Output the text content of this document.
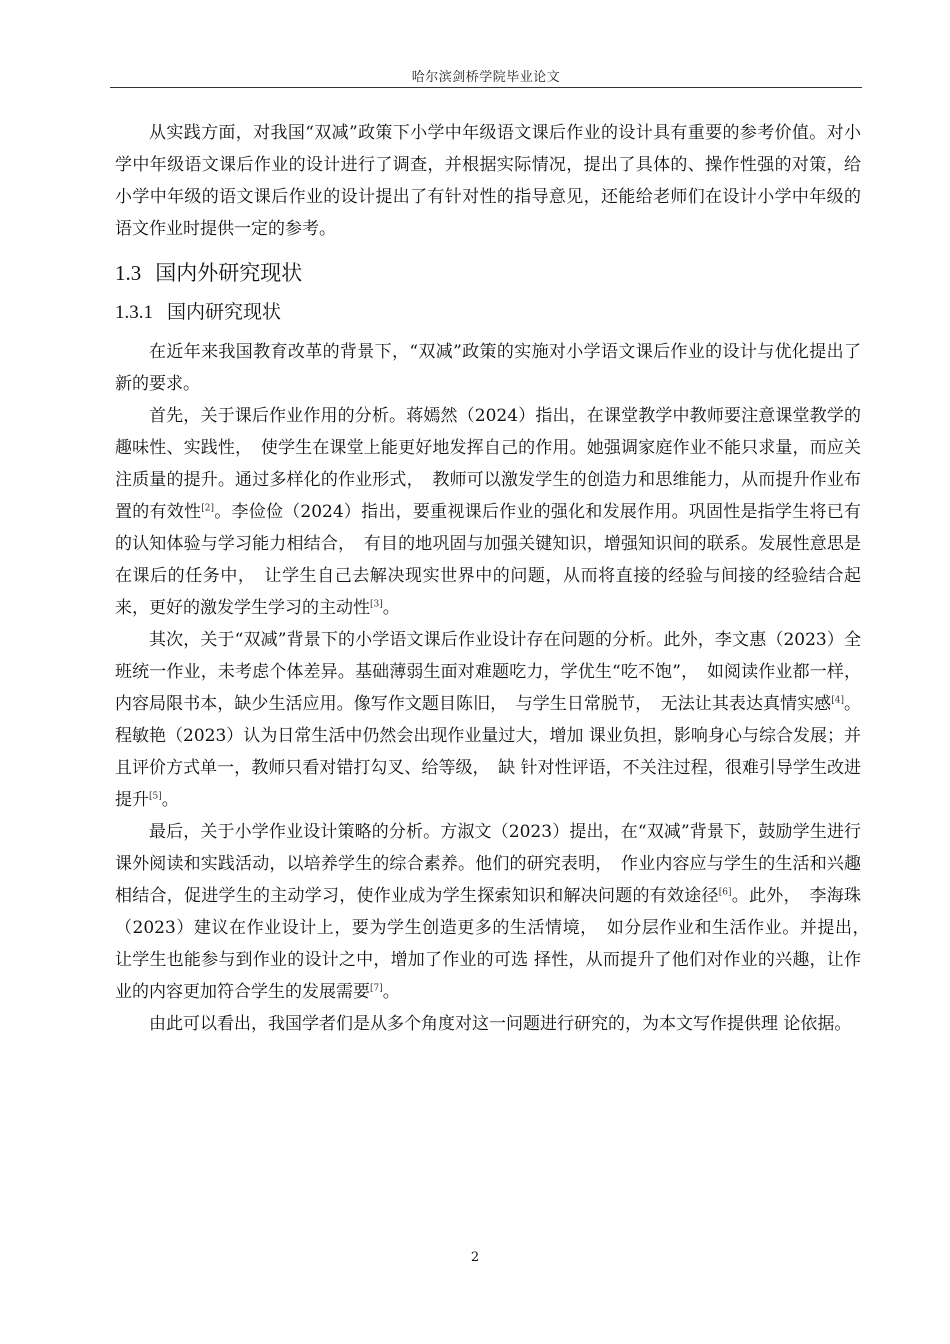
哈尔滨剑桥学院毕业论文

从实践方面，对我国“双减”政策下小学中年级语文课后作业的设计具有重要的参考价值。对小学中年级语文课后作业的设计进行了调查，并根据实际情况，提出了具体的、操作性强的对策，给小学中年级的语文课后作业的设计提出了有针对性的指导意见，还能给老师们在设计小学中年级的语文作业时提供一定的参考。

1.3 国内外研究现状
1.3.1 国内研究现状

在近年来我国教育改革的背景下，“双减”政策的实施对小学语文课后作业的设计与优化提出了新的要求。

首先，关于课后作业作用的分析。蒋嫣然（2024）指出，在课堂教学中教师要注意课堂教学的趣味性、实践性，　使学生在课堂上能更好地发挥自己的作用。她强调家庭作业不能只求量，而应关注质量的提升。通过多样化的作业形式，　教师可以激发学生的创造力和思维能力，从而提升作业布置的有效性[2]。李俭俭（2024）指出，要重视课后作业的强化和发展作用。巩固性是指学生将已有的认知体验与学习能力相结合，　有目的地巩固与加强关键知识，增强知识间的联系。发展性意思是在课后的任务中，　让学生自己去解决现实世界中的问题，从而将直接的经验与间接的经验结合起来，更好的激发学生学习的主动性[3]。

其次，关于“双减”背景下的小学语文课后作业设计存在问题的分析。此外，李文惠（2023）全班统一作业，未考虑个体差异。基础薄弱生面对难题吃力，学优生“吃不饱”，　如阅读作业都一样，内容局限书本，缺少生活应用。像写作文题目陈旧，　与学生日常脱节，　无法让其表达真情实感[4]。程敏艳（2023）认为日常生活中仍然会出现作业量过大，增加 课业负担，影响身心与综合发展；并且评价方式单一，教师只看对错打勾叉、给等级，　缺 针对性评语，不关注过程，很难引导学生改进提升[5]。

最后，关于小学作业设计策略的分析。方淑文（2023）提出，在“双减”背景下，鼓励学生进行课外阅读和实践活动，以培养学生的综合素养。他们的研究表明，　作业内容应与学生的生活和兴趣相结合，促进学生的主动学习，使作业成为学生探索知识和解决问题的有效途径[6]。此外，　李海珠（2023）建议在作业设计上，要为学生创造更多的生活情境，　如分层作业和生活作业。并提出，　让学生也能参与到作业的设计之中，增加了作业的可选 择性，从而提升了他们对作业的兴趣，让作业的内容更加符合学生的发展需要[7]。

由此可以看出，我国学者们是从多个角度对这一问题进行研究的，为本文写作提供理 论依据。

2
